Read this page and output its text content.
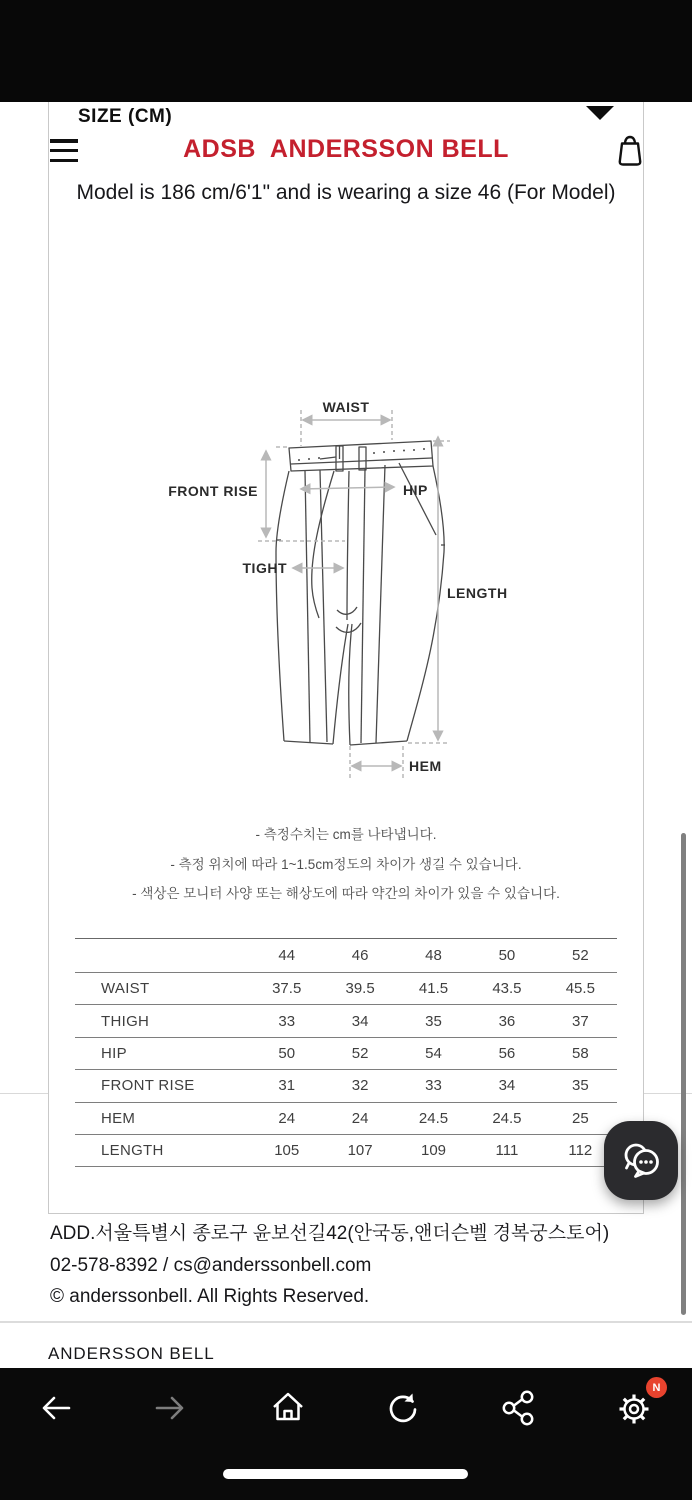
SIZE (CM)
ADSB  ANDERSSON BELL
Model is 186 cm/6'1" and is wearing a size 46 (For Model)
WAIST
FRONT RISE	HIP
TIGHT
LENGTH
HEM
- 측정수치는 cm를 나타냅니다.
- 측정 위치에 따라 1~1.5cm정도의 차이가 생길 수 있습니다.
- 색상은 모니터 사양 또는 해상도에 따라 약간의 차이가 있을 수 있습니다.
44	46	48	50	52
WAIST	37.5	39.5	41.5	43.5	45.5
THIGH	33	34	35	36	37
HIP	50	52	54	56	58
FRONT RISE	31	32	33	34	35
HEM	24	24	24.5	24.5	25
LENGTH	105	107	109	111	112
ADD.서울특별시 종로구 윤보선길42(안국동,앤더슨벨 경복궁스토어)
02-578-8392 / cs@anderssonbell.com
© anderssonbell. All Rights Reserved.
ANDERSSON BELL
N
